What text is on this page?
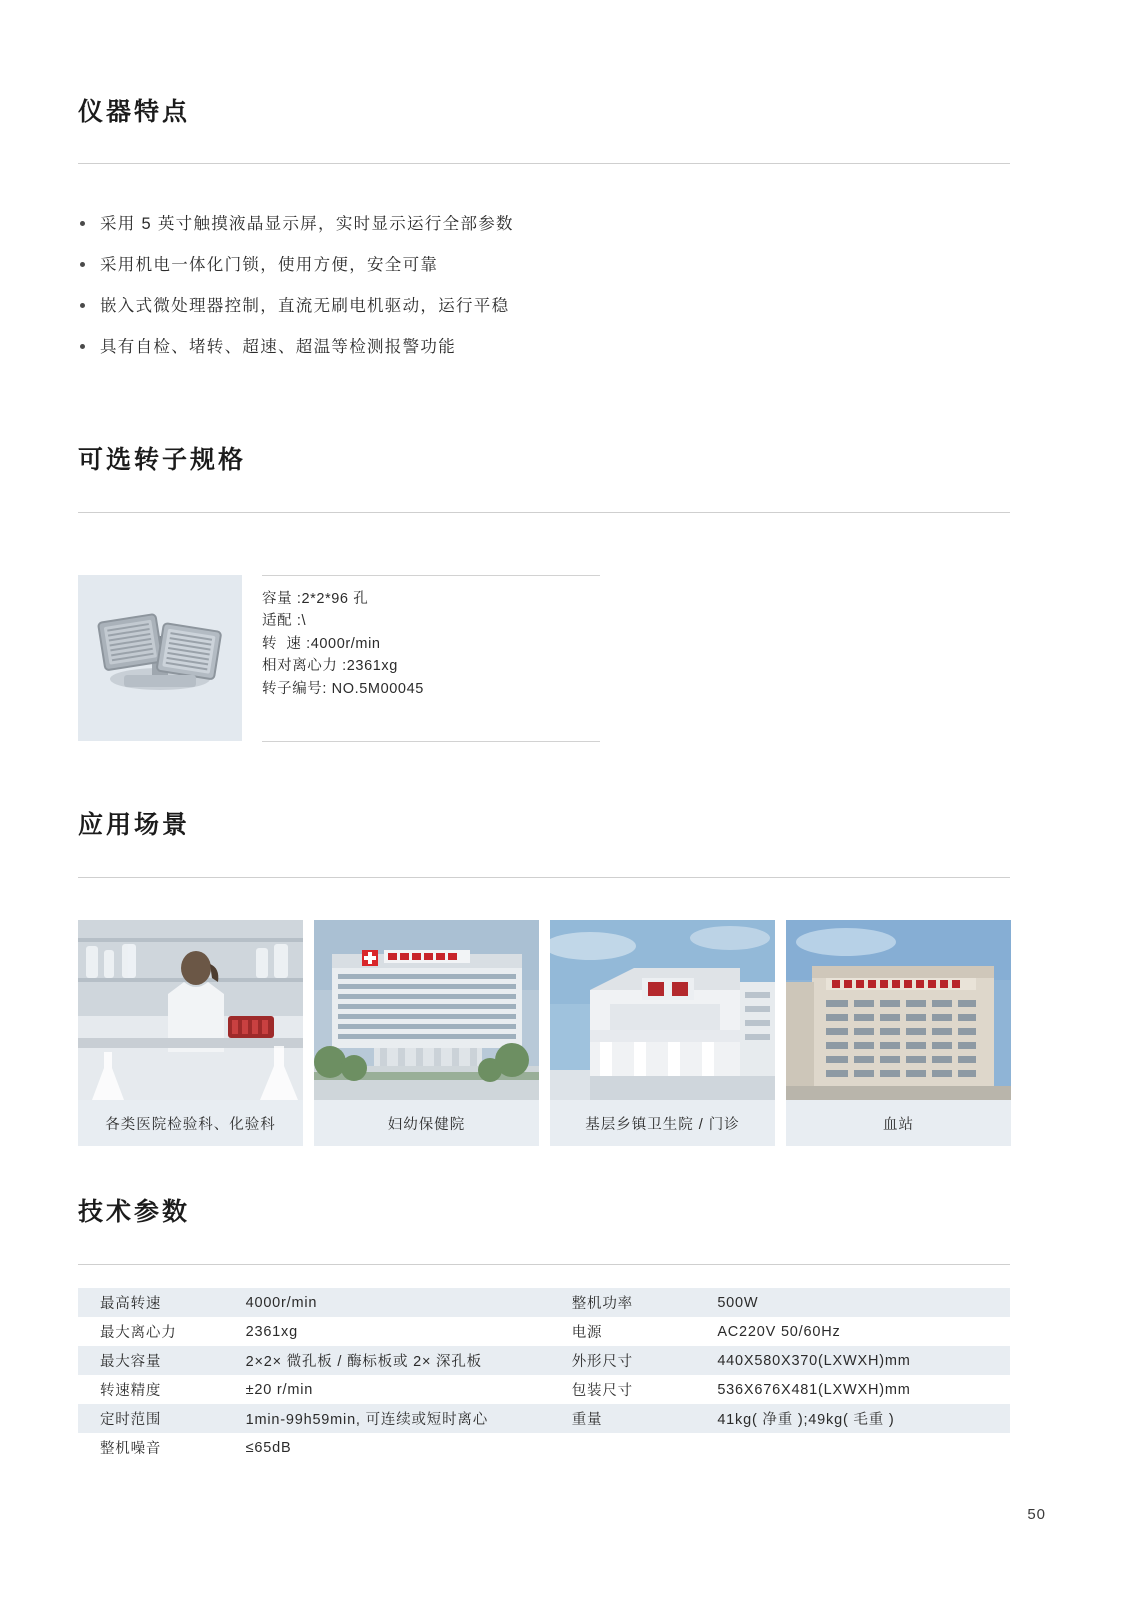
仪器特点
采用 5 英寸触摸液晶显示屏，实时显示运行全部参数
采用机电一体化门锁，使用方便，安全可靠
嵌入式微处理器控制，直流无刷电机驱动，运行平稳
具有自检、堵转、超速、超温等检测报警功能
可选转子规格
容量 :2*2*96 孔
适配 :\
转  速 :4000r/min
相对离心力 :2361xg
转子编号: NO.5M00045
应用场景
各类医院检验科、化验科	妇幼保健院	基层乡镇卫生院 / 门诊	血站
技术参数
最高转速	4000r/min	整机功率	500W
最大离心力	2361xg	电源	AC220V 50/60Hz
最大容量	2×2× 微孔板 / 酶标板或 2× 深孔板	外形尺寸	440X580X370(LXWXH)mm
转速精度	±20 r/min	包装尺寸	536X676X481(LXWXH)mm
定时范围	1min-99h59min, 可连续或短时离心	重量	41kg( 净重 );49kg( 毛重 )
整机噪音	≤65dB		
50
